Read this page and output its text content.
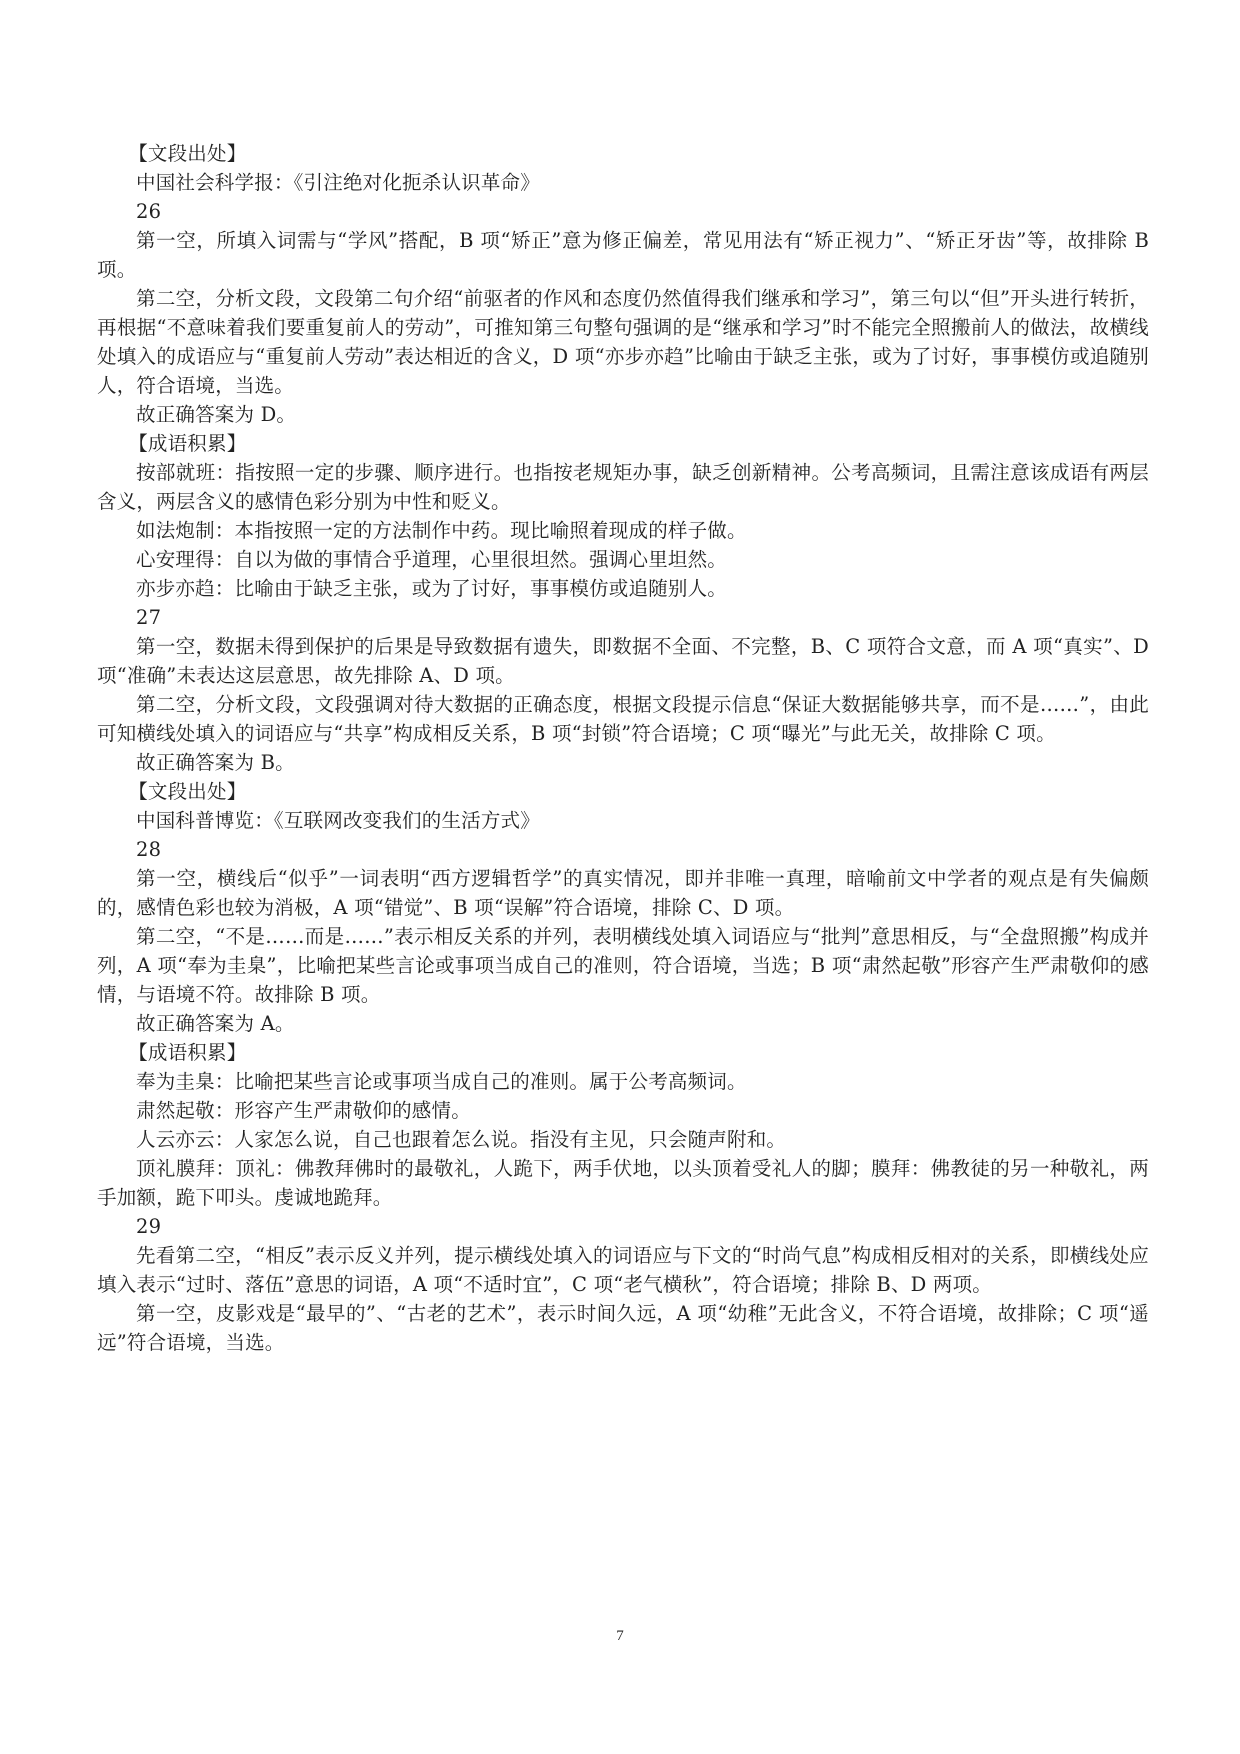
【文段出处】

中国社会科学报：《引注绝对化扼杀认识革命》

26

第一空，所填入词需与“学风”搭配，B 项“矫正”意为修正偏差，常见用法有“矫正视力”、“矫正牙齿”等，故排除 B 项。

第二空，分析文段，文段第二句介绍“前驱者的作风和态度仍然值得我们继承和学习”，第三句以“但”开头进行转折，再根据“不意味着我们要重复前人的劳动”，可推知第三句整句强调的是“继承和学习”时不能完全照搬前人的做法，故横线处填入的成语应与“重复前人劳动”表达相近的含义，D 项“亦步亦趋”比喻由于缺乏主张，或为了讨好，事事模仿或追随别人，符合语境，当选。

故正确答案为 D。

【成语积累】

按部就班：指按照一定的步骤、顺序进行。也指按老规矩办事，缺乏创新精神。公考高频词，且需注意该成语有两层含义，两层含义的感情色彩分别为中性和贬义。

如法炮制：本指按照一定的方法制作中药。现比喻照着现成的样子做。

心安理得：自以为做的事情合乎道理，心里很坦然。强调心里坦然。

亦步亦趋：比喻由于缺乏主张，或为了讨好，事事模仿或追随别人。

27

第一空，数据未得到保护的后果是导致数据有遗失，即数据不全面、不完整，B、C 项符合文意，而 A 项“真实”、D 项“准确”未表达这层意思，故先排除 A、D 项。

第二空，分析文段，文段强调对待大数据的正确态度，根据文段提示信息“保证大数据能够共享，而不是……”，由此可知横线处填入的词语应与“共享”构成相反关系，B 项“封锁”符合语境；C 项“曝光”与此无关，故排除 C 项。

故正确答案为 B。

【文段出处】

中国科普博览：《互联网改变我们的生活方式》

28

第一空，横线后“似乎”一词表明“西方逻辑哲学”的真实情况，即并非唯一真理，暗喻前文中学者的观点是有失偏颇的，感情色彩也较为消极，A 项“错觉”、B 项“误解”符合语境，排除 C、D 项。

第二空，“不是……而是……”表示相反关系的并列，表明横线处填入词语应与“批判”意思相反，与“全盘照搬”构成并列，A 项“奉为圭臬”，比喻把某些言论或事项当成自己的准则，符合语境，当选；B 项“肃然起敬”形容产生严肃敬仰的感情，与语境不符。故排除 B 项。

故正确答案为 A。

【成语积累】

奉为圭臬：比喻把某些言论或事项当成自己的准则。属于公考高频词。

肃然起敬：形容产生严肃敬仰的感情。

人云亦云：人家怎么说，自己也跟着怎么说。指没有主见，只会随声附和。

顶礼膜拜：顶礼：佛教拜佛时的最敬礼，人跪下，两手伏地，以头顶着受礼人的脚；膜拜：佛教徒的另一种敬礼，两手加额，跪下叩头。虔诚地跪拜。

29

先看第二空，“相反”表示反义并列，提示横线处填入的词语应与下文的“时尚气息”构成相反相对的关系，即横线处应填入表示“过时、落伍”意思的词语，A 项“不适时宜”，C 项“老气横秋”，符合语境；排除 B、D 两项。

第一空，皮影戏是“最早的”、“古老的艺术”，表示时间久远，A 项“幼稚”无此含义，不符合语境，故排除；C 项“遥远”符合语境，当选。

7
